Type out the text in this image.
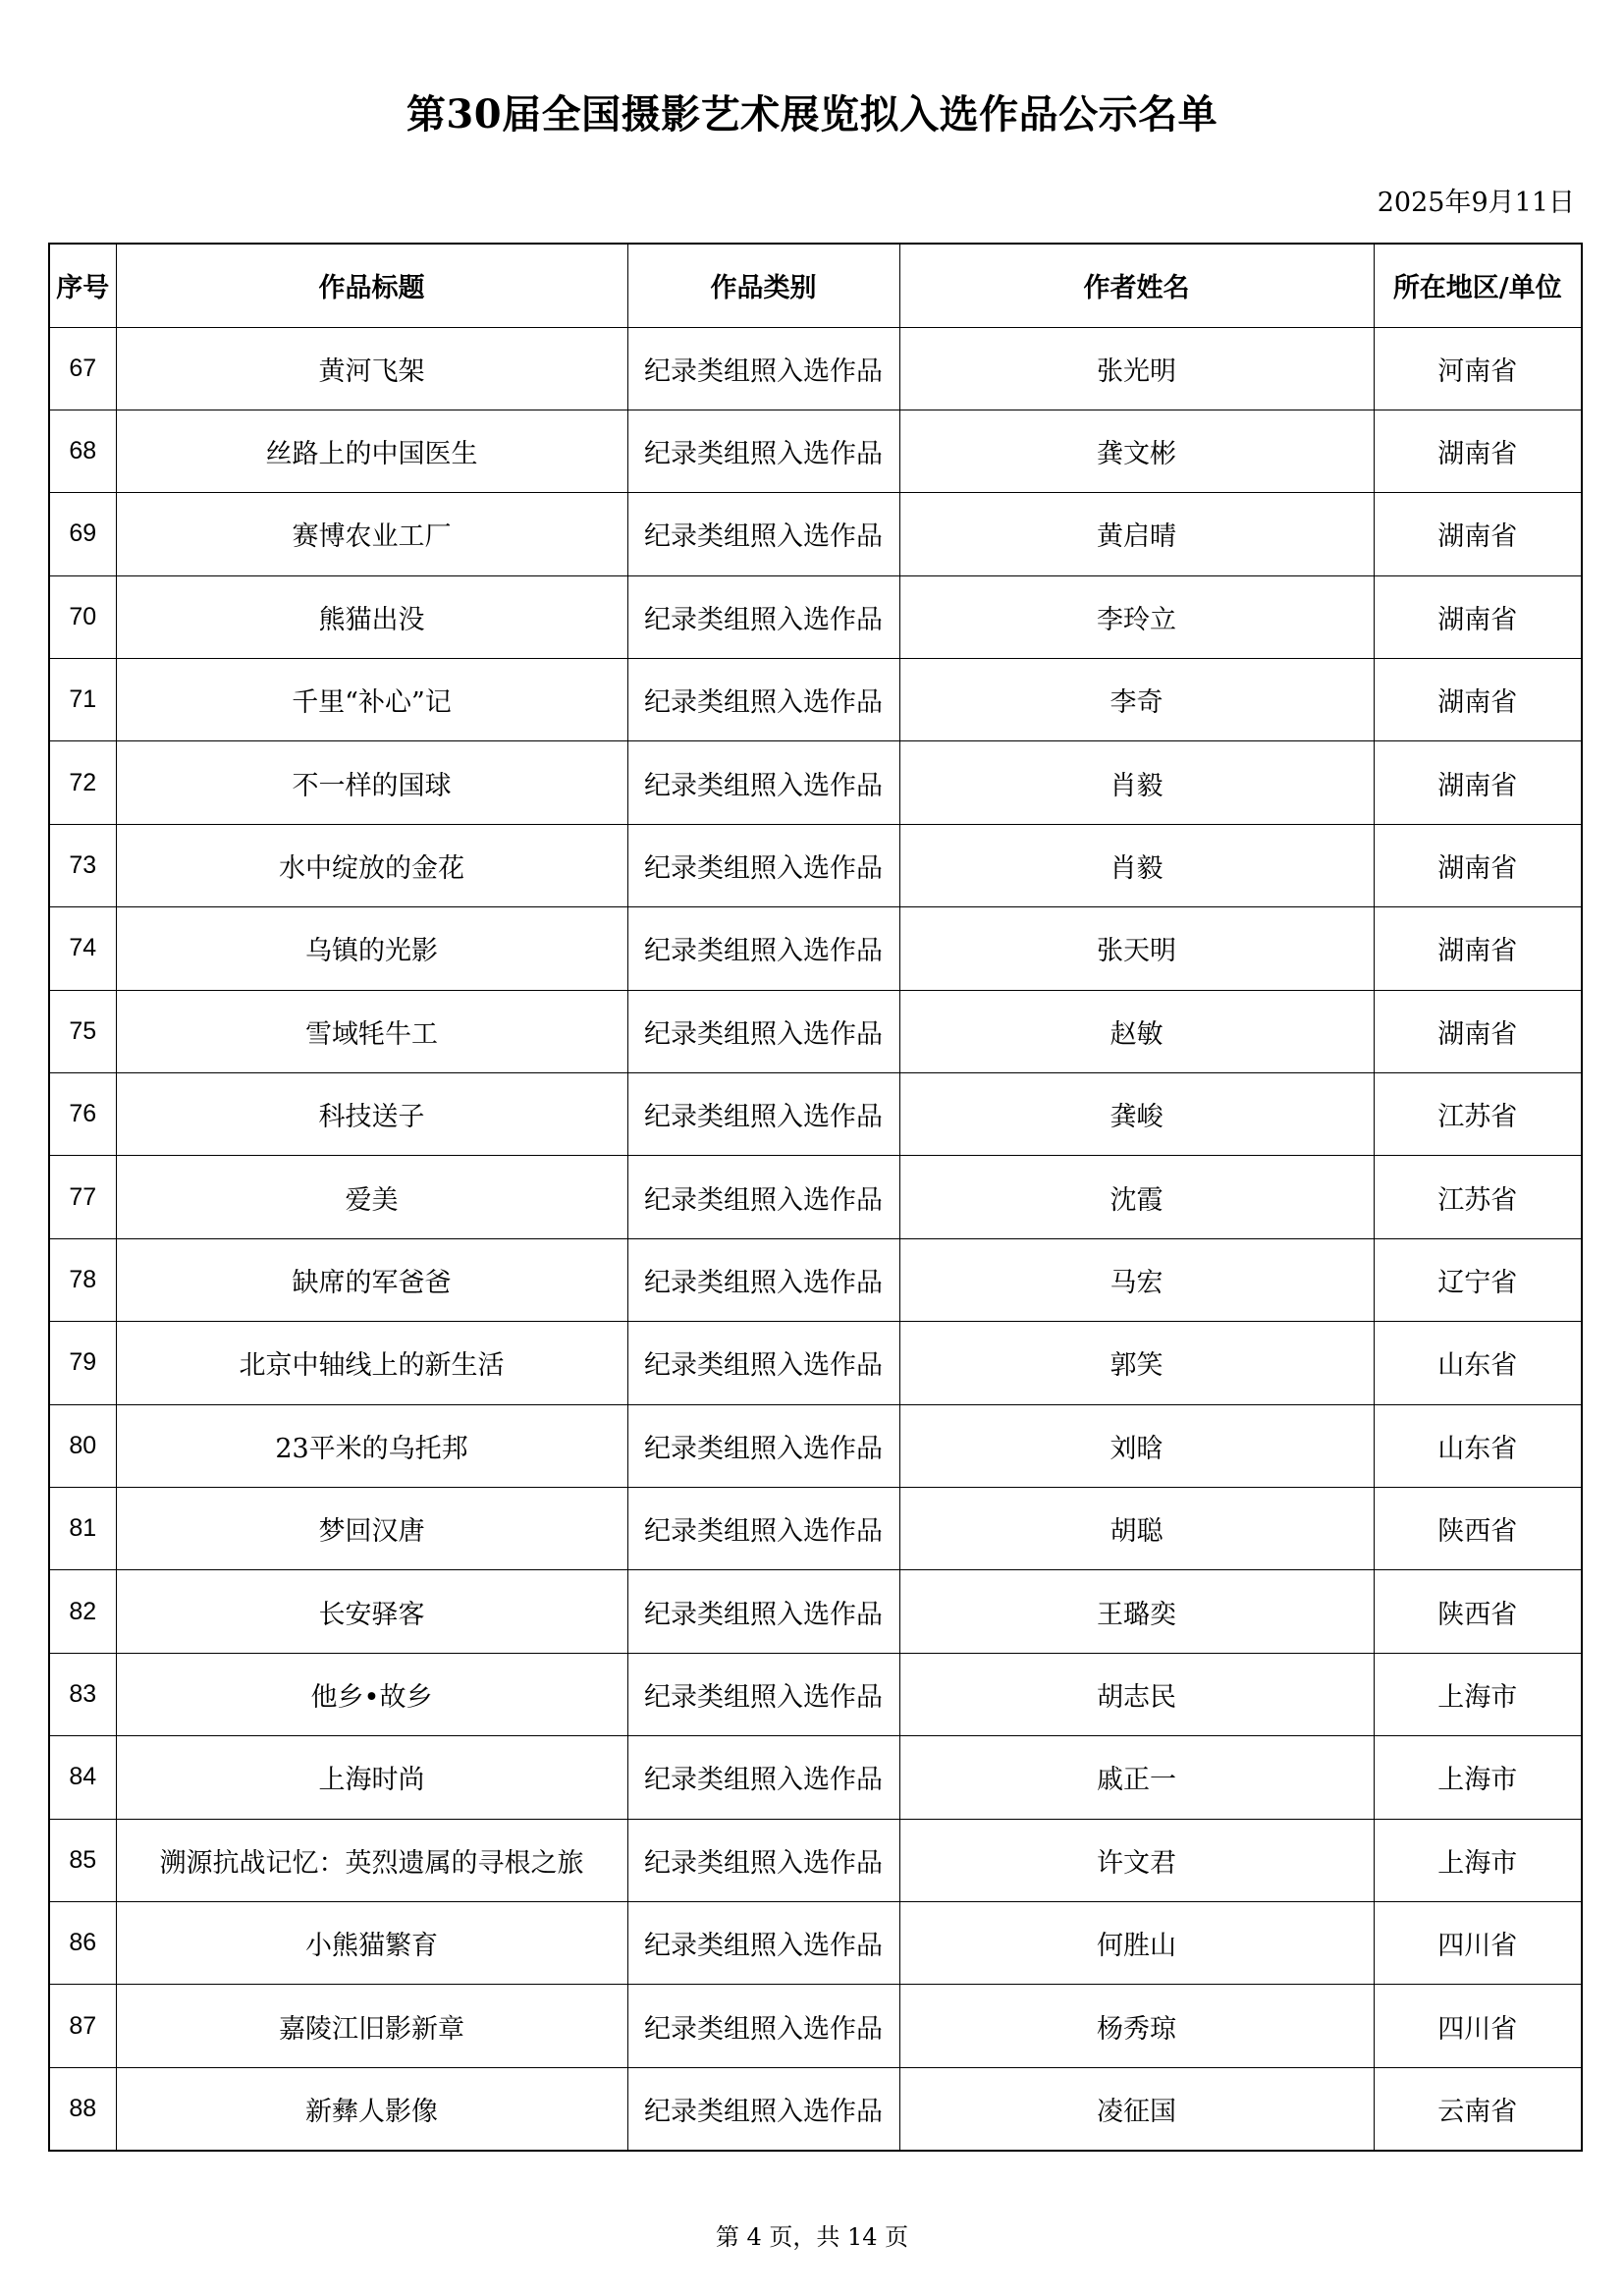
第30届全国摄影艺术展览拟入选作品公示名单
2025年9月11日
序号	作品标题	作品类别	作者姓名	所在地区/单位
67	黄河飞架	纪录类组照入选作品	张光明	河南省
68	丝路上的中国医生	纪录类组照入选作品	龚文彬	湖南省
69	赛博农业工厂	纪录类组照入选作品	黄启晴	湖南省
70	熊猫出没	纪录类组照入选作品	李玲立	湖南省
71	千里“补心”记	纪录类组照入选作品	李奇	湖南省
72	不一样的国球	纪录类组照入选作品	肖毅	湖南省
73	水中绽放的金花	纪录类组照入选作品	肖毅	湖南省
74	乌镇的光影	纪录类组照入选作品	张天明	湖南省
75	雪域牦牛工	纪录类组照入选作品	赵敏	湖南省
76	科技送子	纪录类组照入选作品	龚峻	江苏省
77	爱美	纪录类组照入选作品	沈霞	江苏省
78	缺席的军爸爸	纪录类组照入选作品	马宏	辽宁省
79	北京中轴线上的新生活	纪录类组照入选作品	郭笑	山东省
80	23平米的乌托邦	纪录类组照入选作品	刘晗	山东省
81	梦回汉唐	纪录类组照入选作品	胡聪	陕西省
82	长安驿客	纪录类组照入选作品	王璐奕	陕西省
83	他乡•故乡	纪录类组照入选作品	胡志民	上海市
84	上海时尚	纪录类组照入选作品	戚正一	上海市
85	溯源抗战记忆：英烈遗属的寻根之旅	纪录类组照入选作品	许文君	上海市
86	小熊猫繁育	纪录类组照入选作品	何胜山	四川省
87	嘉陵江旧影新章	纪录类组照入选作品	杨秀琼	四川省
88	新彝人影像	纪录类组照入选作品	凌征国	云南省
第 4 页，共 14 页
